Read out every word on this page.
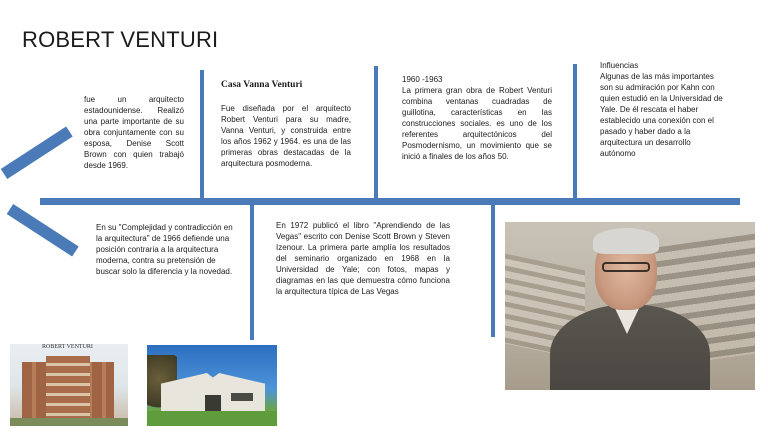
ROBERT VENTURI
fue un arquitecto estadounidense. Realizó una parte importante de su obra conjuntamente con su esposa, Denise Scott Brown con quien trabajó desde 1969.
Casa Vanna Venturi
Fue diseñada por el arquitecto Robert Venturi para su madre, Vanna Venturi, y construida entre los años 1962 y 1964. es una de las primeras obras destacadas de la arquitectura posmoderna.
1960 -1963
La primera gran obra de Robert Venturi combina ventanas cuadradas de guillotina, características en las construcciones sociales. es uno de los referentes arquitectónicos del Posmodernismo, un movimiento que se inició a finales de los años 50.
Influencias
Algunas de las más importantes son su admiración por Kahn con quien estudió en la Universidad de Yale. De él rescata el haber establecido una conexión con el pasado y haber dado a la arquitectura un desarrollo autónomo
En su "Complejidad y contradicción en la arquitectura" de 1966 defiende una posición contraria a la arquitectura moderna, contra su pretensión de buscar solo la diferencia y la novedad.
En 1972 publicó el libro "Aprendiendo de las Vegas" escrito con Denise Scott Brown y Steven Izenour. La primera parte amplía los resultados del seminario organizado en 1968 en la Universidad de Yale; con fotos, mapas y diagramas en las que demuestra cómo funciona la arquitectura típica de Las Vegas
ROBERT VENTURI
